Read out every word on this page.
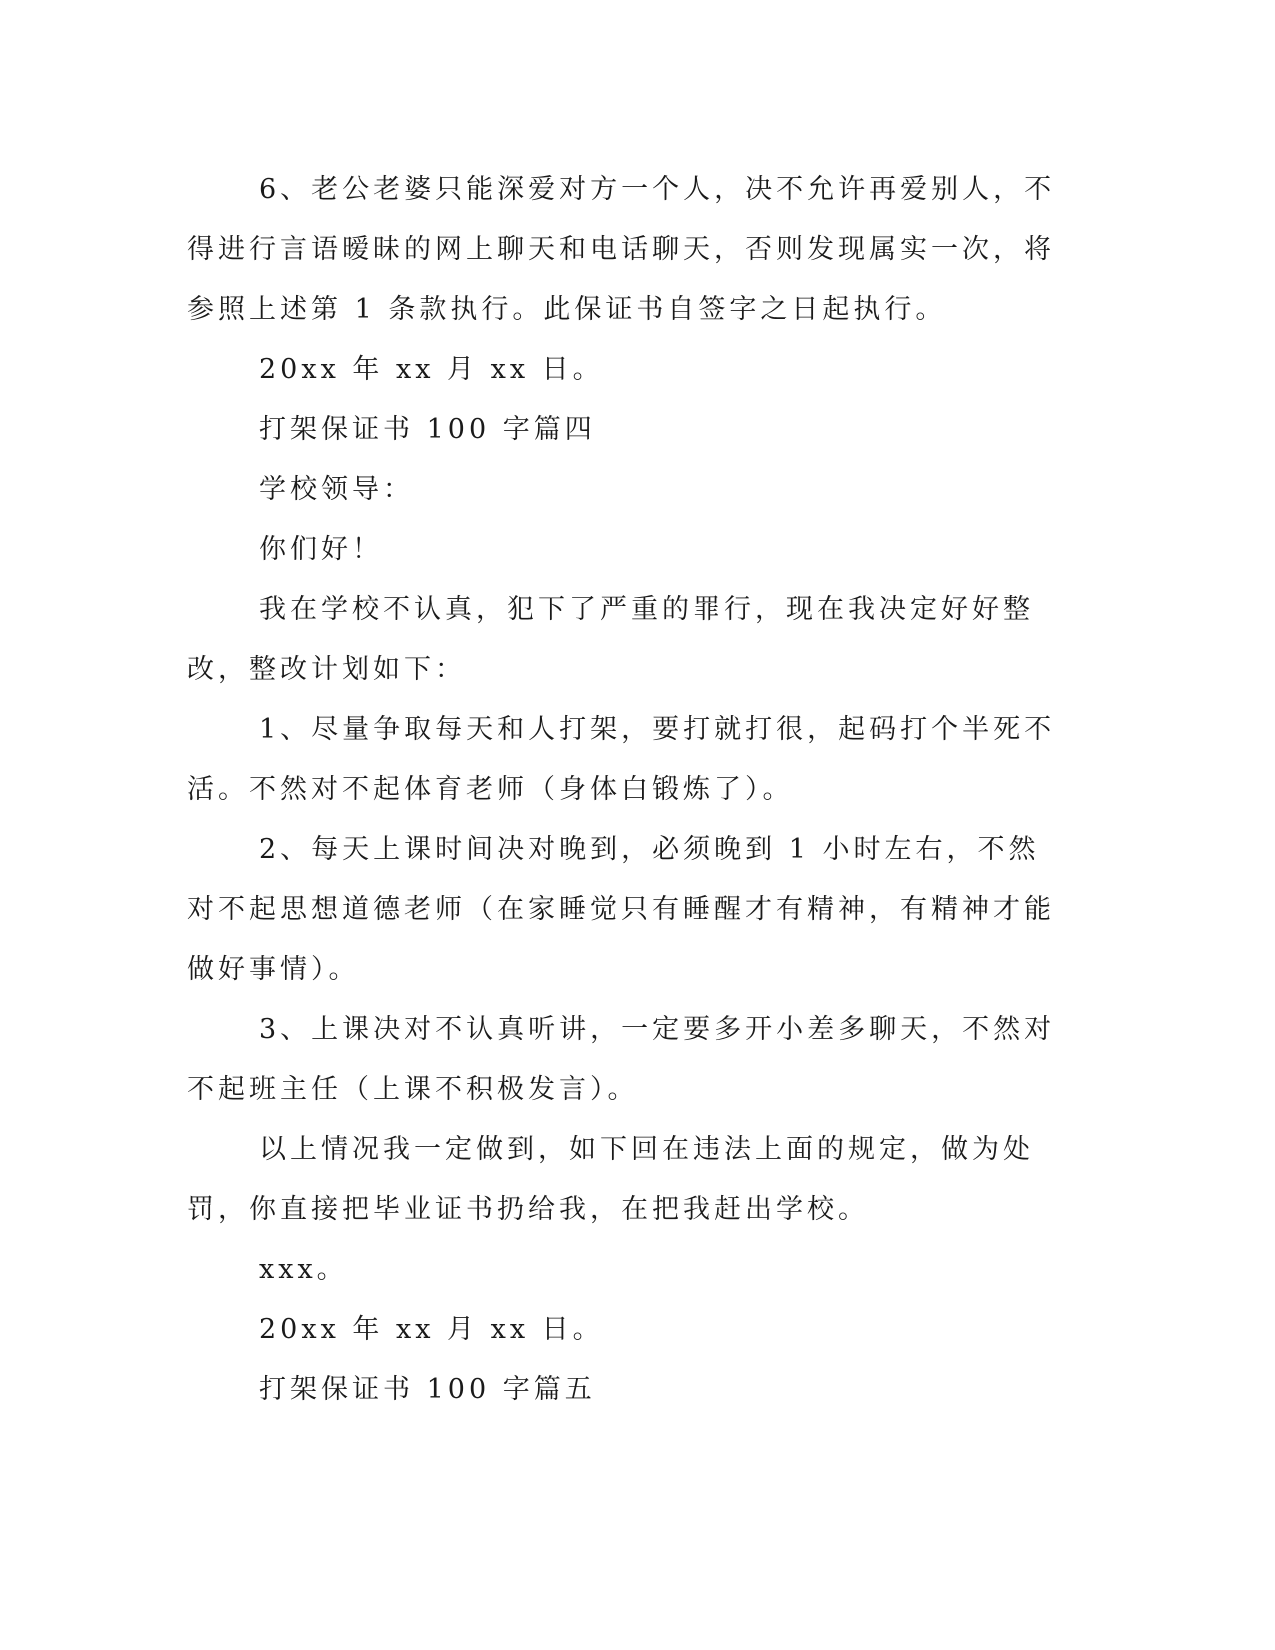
6、老公老婆只能深爱对方一个人，决不允许再爱别人，不得进行言语暧昧的网上聊天和电话聊天，否则发现属实一次，将参照上述第 1 条款执行。此保证书自签字之日起执行。

20xx 年 xx 月 xx 日。

打架保证书 100 字篇四

学校领导：

你们好！

我在学校不认真，犯下了严重的罪行，现在我决定好好整改，整改计划如下：

1、尽量争取每天和人打架，要打就打很，起码打个半死不活。不然对不起体育老师（身体白锻炼了）。

2、每天上课时间决对晚到，必须晚到 1 小时左右，不然对不起思想道德老师（在家睡觉只有睡醒才有精神，有精神才能做好事情）。

3、上课决对不认真听讲，一定要多开小差多聊天，不然对不起班主任（上课不积极发言）。

以上情况我一定做到，如下回在违法上面的规定，做为处罚，你直接把毕业证书扔给我，在把我赶出学校。

xxx。

20xx 年 xx 月 xx 日。

打架保证书 100 字篇五
